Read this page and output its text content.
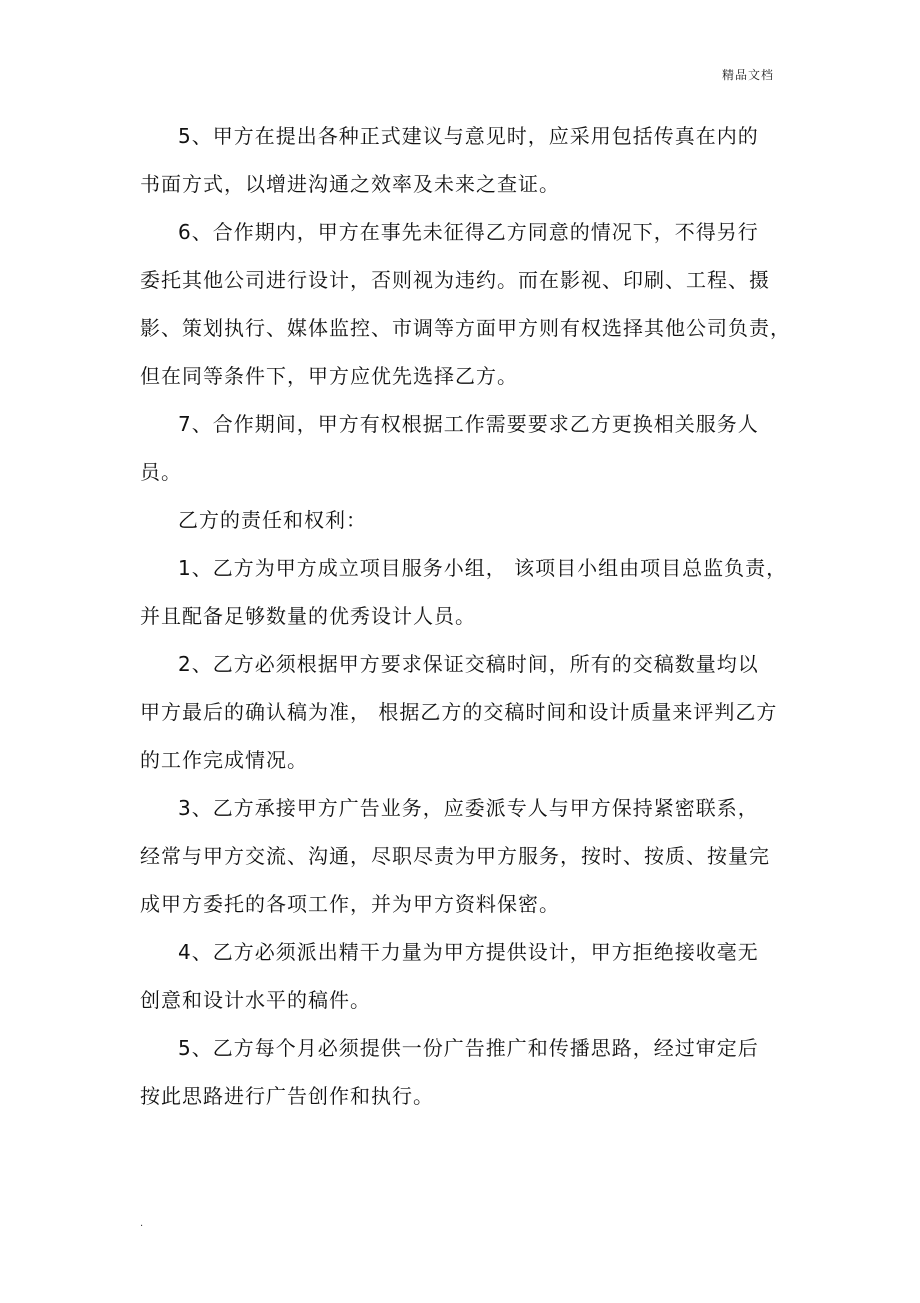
精品文档
5、甲方在提出各种正式建议与意见时，应采用包括传真在内的
书面方式，以增进沟通之效率及未来之查证。
6、合作期内，甲方在事先未征得乙方同意的情况下，不得另行
委托其他公司进行设计，否则视为违约。而在影视、印刷、工程、摄
影、策划执行、媒体监控、市调等方面甲方则有权选择其他公司负责，
但在同等条件下，甲方应优先选择乙方。
7、合作期间，甲方有权根据工作需要要求乙方更换相关服务人
员。
乙方的责任和权利：
1、乙方为甲方成立项目服务小组， 该项目小组由项目总监负责，
并且配备足够数量的优秀设计人员。
2、乙方必须根据甲方要求保证交稿时间，所有的交稿数量均以
甲方最后的确认稿为准， 根据乙方的交稿时间和设计质量来评判乙方
的工作完成情况。
3、乙方承接甲方广告业务，应委派专人与甲方保持紧密联系，
经常与甲方交流、沟通，尽职尽责为甲方服务，按时、按质、按量完
成甲方委托的各项工作，并为甲方资料保密。
4、乙方必须派出精干力量为甲方提供设计，甲方拒绝接收毫无
创意和设计水平的稿件。
5、乙方每个月必须提供一份广告推广和传播思路，经过审定后
按此思路进行广告创作和执行。
.
